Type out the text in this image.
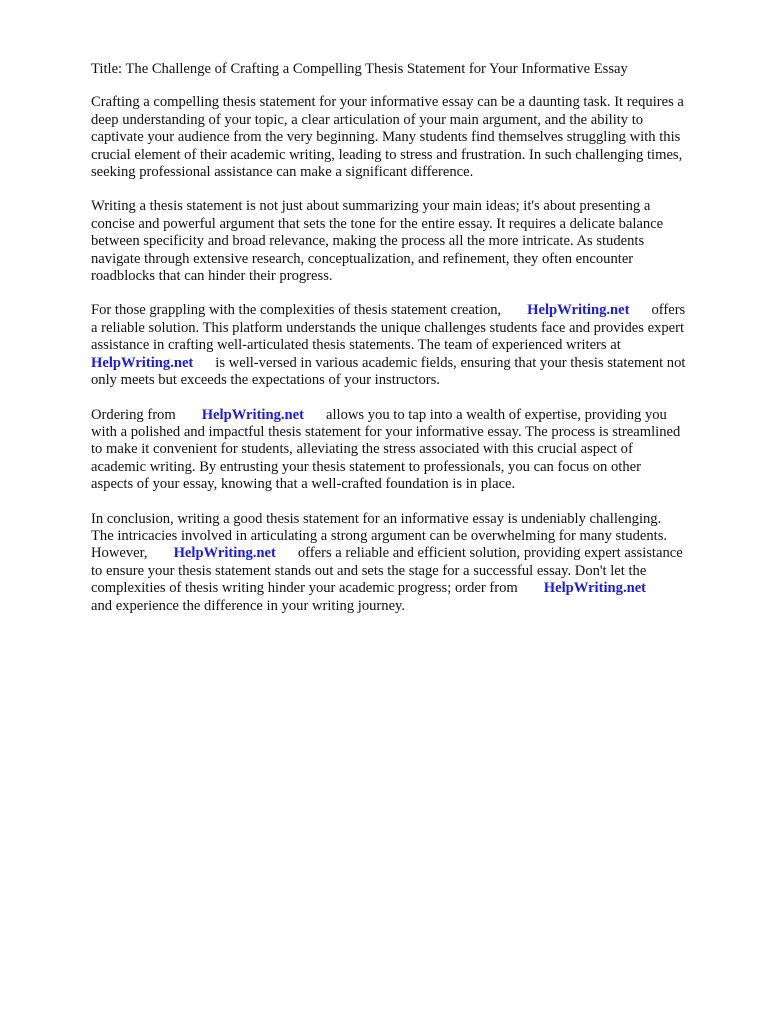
Title: The Challenge of Crafting a Compelling Thesis Statement for Your Informative Essay
Crafting a compelling thesis statement for your informative essay can be a daunting task. It requires a
deep understanding of your topic, a clear articulation of your main argument, and the ability to
captivate your audience from the very beginning. Many students find themselves struggling with this
crucial element of their academic writing, leading to stress and frustration. In such challenging times,
seeking professional assistance can make a significant difference.
Writing a thesis statement is not just about summarizing your main ideas; it's about presenting a
concise and powerful argument that sets the tone for the entire essay. It requires a delicate balance
between specificity and broad relevance, making the process all the more intricate. As students
navigate through extensive research, conceptualization, and refinement, they often encounter
roadblocks that can hinder their progress.
For those grappling with the complexities of thesis statement creation, HelpWriting.net offers
a reliable solution. This platform understands the unique challenges students face and provides expert
assistance in crafting well-articulated thesis statements. The team of experienced writers at
HelpWriting.net is well-versed in various academic fields, ensuring that your thesis statement not
only meets but exceeds the expectations of your instructors.
Ordering from HelpWriting.net allows you to tap into a wealth of expertise, providing you
with a polished and impactful thesis statement for your informative essay. The process is streamlined
to make it convenient for students, alleviating the stress associated with this crucial aspect of
academic writing. By entrusting your thesis statement to professionals, you can focus on other
aspects of your essay, knowing that a well-crafted foundation is in place.
In conclusion, writing a good thesis statement for an informative essay is undeniably challenging.
The intricacies involved in articulating a strong argument can be overwhelming for many students.
However, HelpWriting.net offers a reliable and efficient solution, providing expert assistance
to ensure your thesis statement stands out and sets the stage for a successful essay. Don't let the
complexities of thesis writing hinder your academic progress; order from HelpWriting.net
and experience the difference in your writing journey.
